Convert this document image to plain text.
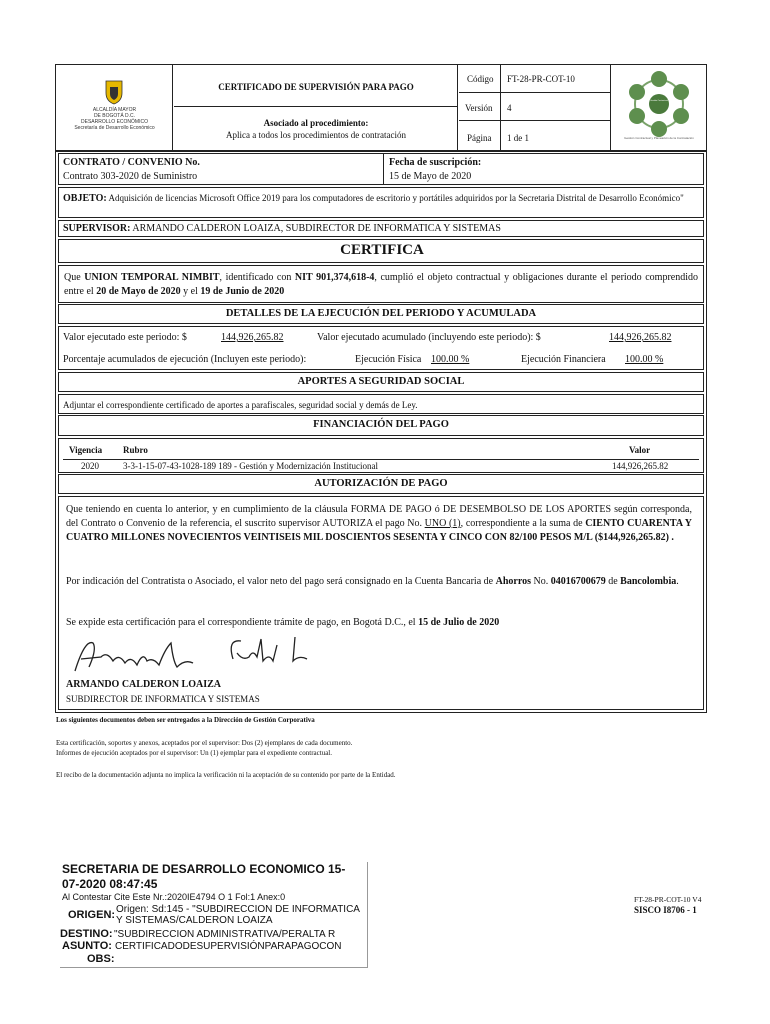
ALCALDÍA MAYOR
DE BOGOTÁ D.C.
DESARROLLO ECONÓMICO
Secretaría de Desarrollo Económico
CERTIFICADO DE SUPERVISIÓN PARA PAGO
Asociado al procedimiento:
Aplica a todos los procedimientos de contratación
Código FT-28-PR-COT-10
Versión 4
Página 1 de 1
Gestión Contractual
Gestión Contractual y Planeación de la Contratación
CONTRATO / CONVENIO No.
Contrato 303-2020 de Suministro
Fecha de suscripción:
15 de Mayo de 2020
OBJETO: Adquisición de licencias Microsoft Office 2019 para los computadores de escritorio y portátiles adquiridos por la Secretaria Distrital de Desarrollo Económico"
SUPERVISOR: ARMANDO CALDERON LOAIZA, SUBDIRECTOR DE INFORMATICA Y SISTEMAS
CERTIFICA
Que UNION TEMPORAL NIMBIT, identificado con NIT 901,374,618-4, cumplió el objeto contractual y obligaciones durante el periodo comprendido entre el 20 de Mayo de 2020 y el 19 de Junio de 2020
DETALLES DE LA EJECUCIÓN DEL PERIODO Y ACUMULADA
Valor ejecutado este periodo: $	144,926,265.82	Valor ejecutado acumulado (incluyendo este periodo): $	144,926,265.82
Porcentaje acumulados de ejecución (Incluyen este periodo):	Ejecución Física 100.00 %	Ejecución Financiera 100.00 %
APORTES A SEGURIDAD SOCIAL
Adjuntar el correspondiente certificado de aportes a parafiscales, seguridad social y demás de Ley.
FINANCIACIÓN DEL PAGO
Vigencia Rubro	Valor
2020	3-3-1-15-07-43-1028-189 189 - Gestión y Modernización Institucional	144,926,265.82
AUTORIZACIÓN DE PAGO
Que teniendo en cuenta lo anterior, y en cumplimiento de la cláusula FORMA DE PAGO ó DE DESEMBOLSO DE LOS APORTES según corresponda, del Contrato o Convenio de la referencia, el suscrito supervisor AUTORIZA el pago No. UNO (1), correspondiente a la suma de CIENTO CUARENTA Y CUATRO MILLONES NOVECIENTOS VEINTISEIS MIL DOSCIENTOS SESENTA Y CINCO CON 82/100 PESOS M/L ($144,926,265.82) .
Por indicación del Contratista o Asociado, el valor neto del pago será consignado en la Cuenta Bancaria de Ahorros No. 04016700679 de Bancolombia.
Se expide esta certificación para el correspondiente trámite de pago, en Bogotá D.C., el 15 de Julio de 2020
ARMANDO CALDERON LOAIZA
SUBDIRECTOR DE INFORMATICA Y SISTEMAS
Los siguientes documentos deben ser entregados a la Dirección de Gestión Corporativa
Esta certificación, soportes y anexos, aceptados por el supervisor: Dos (2) ejemplares de cada documento.
Informes de ejecución aceptados por el supervisor: Un (1) ejemplar para el expediente contractual.
El recibo de la documentación adjunta no implica la verificación ni la aceptación de su contenido por parte de la Entidad.
SECRETARIA DE DESARROLLO ECONOMICO 15-
07-2020 08:47:45
Al Contestar Cite Este Nr.:2020IE4794 O 1 Fol:1 Anex:0
ORIGEN: Origen: Sd:145 - "SUBDIRECCION DE INFORMATICA Y SISTEMAS/CALDERON LOAIZA
DESTINO: "SUBDIRECCION ADMINISTRATIVA/PERALTA R
ASUNTO: CERTIFICADODESUPERVISIÓNPARAPAGOCON
OBS:
FT-28-PR-COT-10 V4
SISCO I8706 - 1
